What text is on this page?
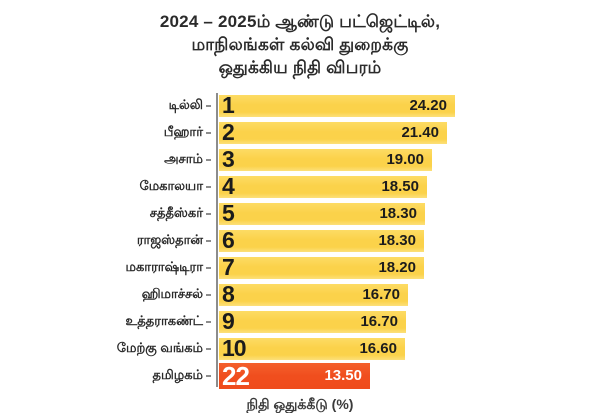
2024 – 2025ம் ஆண்டு பட்ஜெட்டில்,
மாநிலங்கள் கல்வி துறைக்கு
ஒதுக்கிய நிதி விபரம்
டில்லி 1	24.20
பீஹார் 2	21.40
அசாம் 3	19.00
மேகாலயா 4	18.50
சத்தீஸ்கர் 5	18.30
ராஜஸ்தான் 6	18.30
மகாராஷ்டிரா 7	18.20
ஹிமாச்சல் 8	16.70
உத்தராகண்ட் 9	16.70
மேற்கு வங்கம் 10	16.60
தமிழகம் 22	13.50
நிதி ஒதுக்கீடு (%)
